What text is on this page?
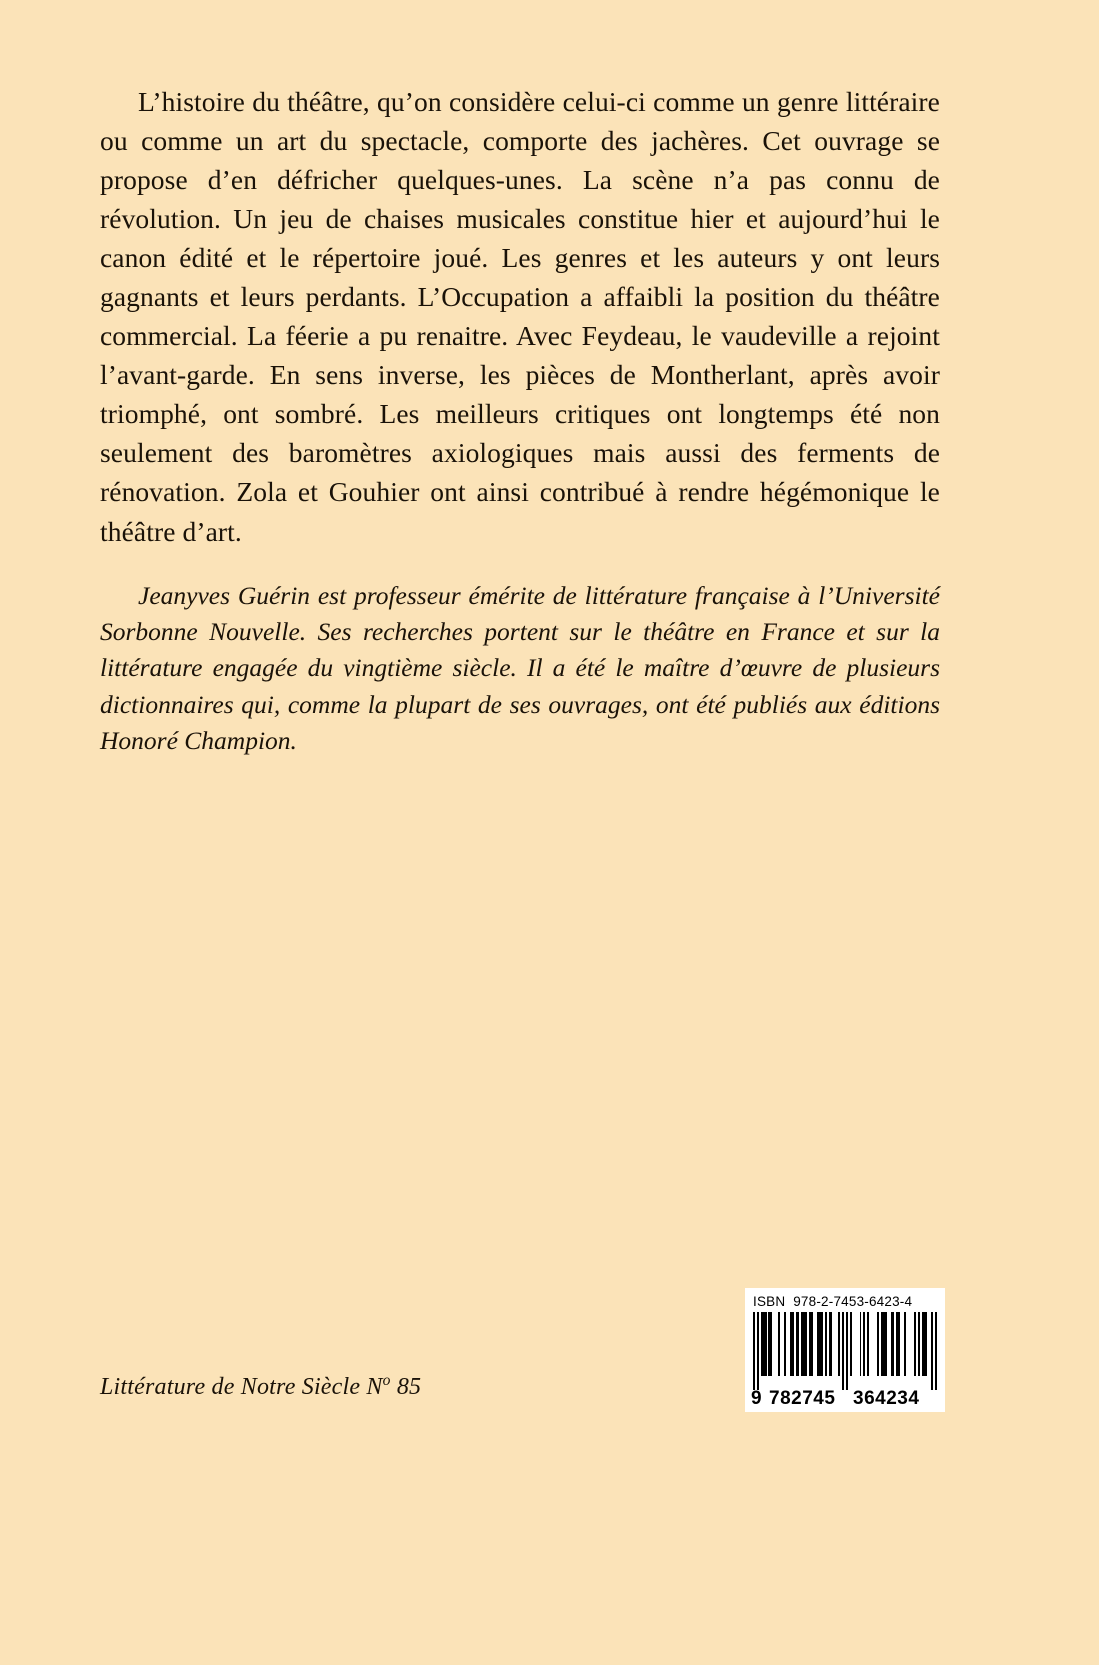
L’histoire du théâtre, qu’on considère celui-ci comme un genre littéraire ou comme un art du spectacle, comporte des jachères. Cet ouvrage se propose d’en défricher quelques-unes. La scène n’a pas connu de révolution. Un jeu de chaises musicales constitue hier et aujourd’hui le canon édité et le répertoire joué. Les genres et les auteurs y ont leurs gagnants et leurs perdants. L’Occupation a affaibli la position du théâtre commercial. La féerie a pu renaitre. Avec Feydeau, le vaudeville a rejoint l’avant-garde. En sens inverse, les pièces de Montherlant, après avoir triomphé, ont sombré. Les meilleurs critiques ont longtemps été non seulement des baromètres axiologiques mais aussi des ferments de rénovation. Zola et Gouhier ont ainsi contribué à rendre hégémonique le théâtre d’art.

Jeanyves Guérin est professeur émérite de littérature française à l’Université Sorbonne Nouvelle. Ses recherches portent sur le théâtre en France et sur la littérature engagée du vingtième siècle. Il a été le maître d’œuvre de plusieurs dictionnaires qui, comme la plupart de ses ouvrages, ont été publiés aux éditions Honoré Champion.

Littérature de Notre Siècle $N^o$ 85
ISBN 978-2-7453-6423-4
9 782745 364234
